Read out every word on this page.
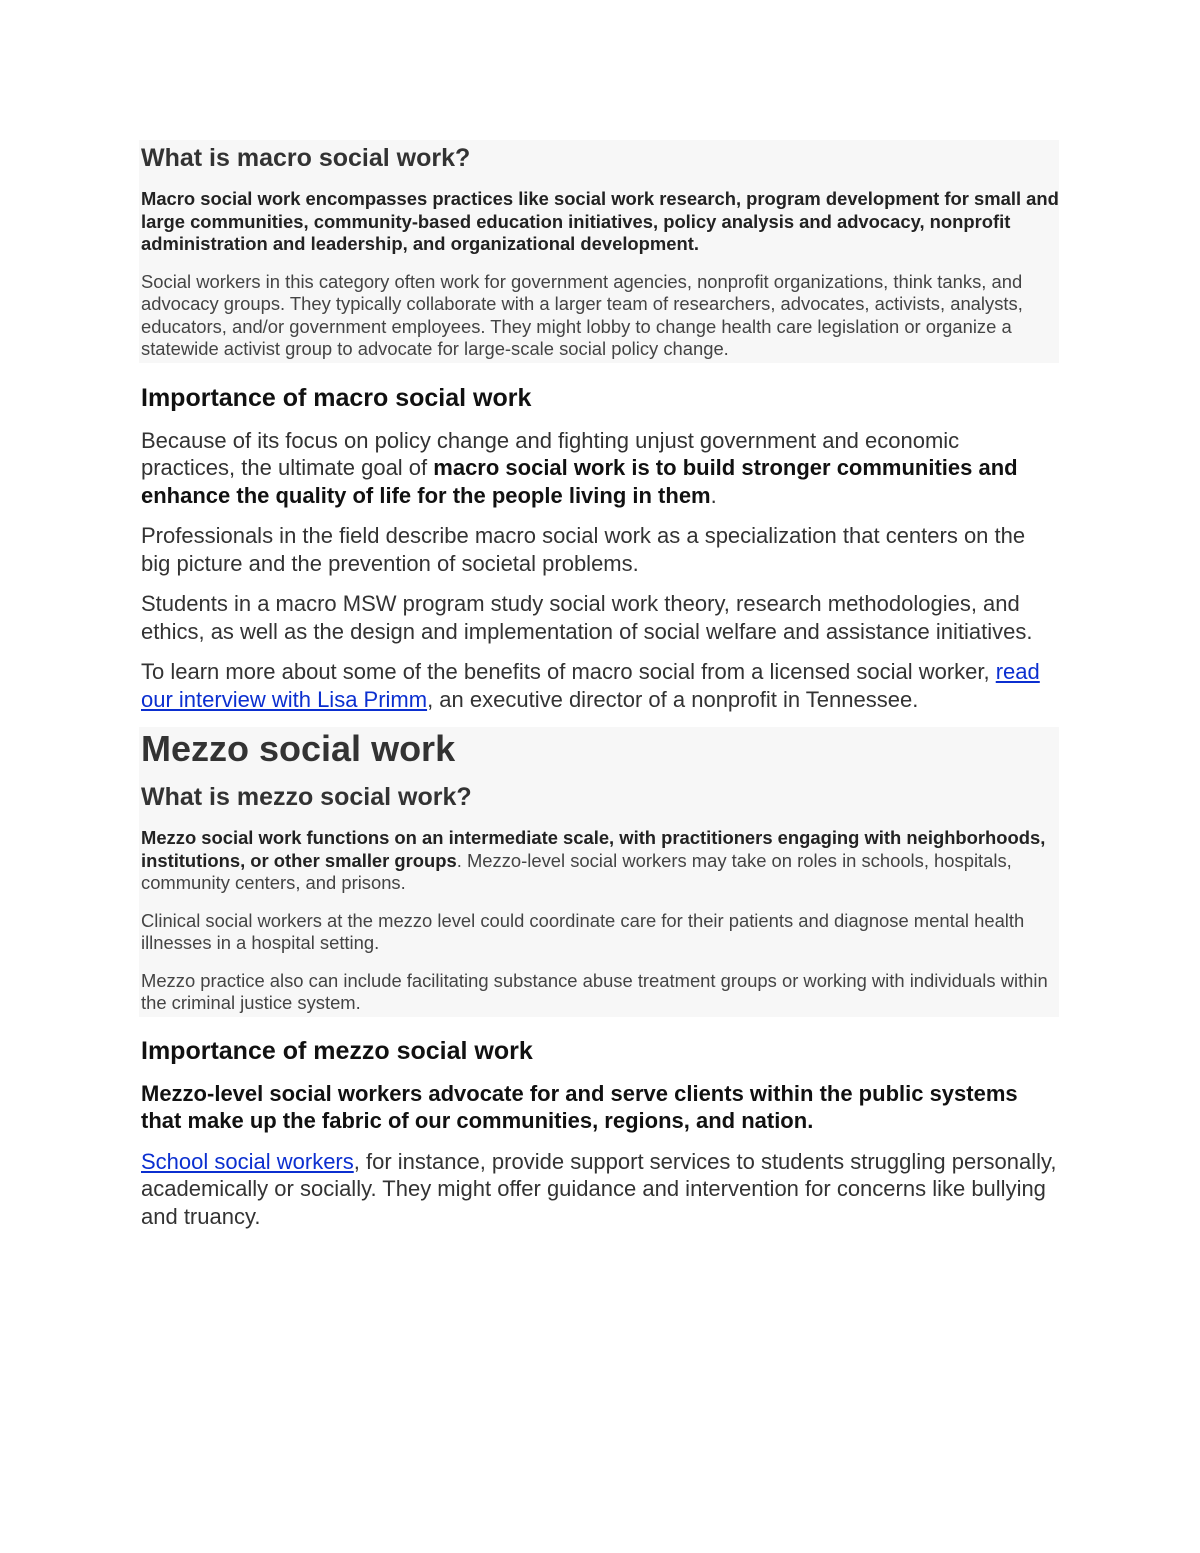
What is macro social work?

Macro social work encompasses practices like social work research, program development for small and large communities, community-based education initiatives, policy analysis and advocacy, nonprofit administration and leadership, and organizational development.

Social workers in this category often work for government agencies, nonprofit organizations, think tanks, and advocacy groups. They typically collaborate with a larger team of researchers, advocates, activists, analysts, educators, and/or government employees. They might lobby to change health care legislation or organize a statewide activist group to advocate for large-scale social policy change.

Importance of macro social work

Because of its focus on policy change and fighting unjust government and economic practices, the ultimate goal of macro social work is to build stronger communities and enhance the quality of life for the people living in them.

Professionals in the field describe macro social work as a specialization that centers on the big picture and the prevention of societal problems.

Students in a macro MSW program study social work theory, research methodologies, and ethics, as well as the design and implementation of social welfare and assistance initiatives.

To learn more about some of the benefits of macro social from a licensed social worker, read our interview with Lisa Primm, an executive director of a nonprofit in Tennessee.

Mezzo social work
What is mezzo social work?

Mezzo social work functions on an intermediate scale, with practitioners engaging with neighborhoods, institutions, or other smaller groups. Mezzo-level social workers may take on roles in schools, hospitals, community centers, and prisons.

Clinical social workers at the mezzo level could coordinate care for their patients and diagnose mental health illnesses in a hospital setting.

Mezzo practice also can include facilitating substance abuse treatment groups or working with individuals within the criminal justice system.

Importance of mezzo social work

Mezzo-level social workers advocate for and serve clients within the public systems that make up the fabric of our communities, regions, and nation.

School social workers, for instance, provide support services to students struggling personally, academically or socially. They might offer guidance and intervention for concerns like bullying and truancy.
